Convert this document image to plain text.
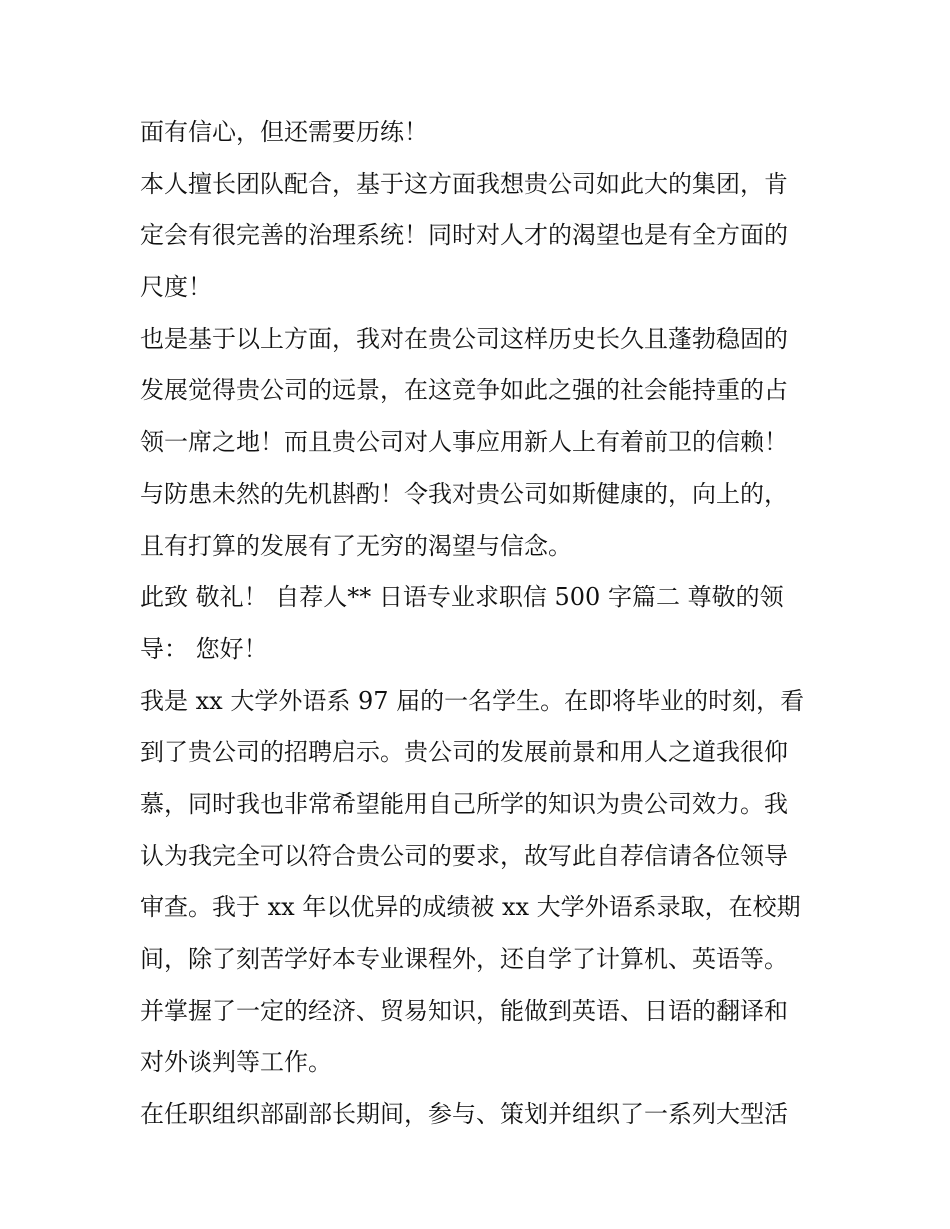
面有信心，但还需要历练！

本人擅长团队配合，基于这方面我想贵公司如此大的集团，肯
定会有很完善的治理系统！同时对人才的渴望也是有全方面的
尺度！

也是基于以上方面，我对在贵公司这样历史长久且蓬勃稳固的
发展觉得贵公司的远景，在这竞争如此之强的社会能持重的占
领一席之地！而且贵公司对人事应用新人上有着前卫的信赖！
与防患未然的先机斟酌！令我对贵公司如斯健康的，向上的，
且有打算的发展有了无穷的渴望与信念。

此致 敬礼！ 自荐人** 日语专业求职信 500 字篇二 尊敬的领
导： 您好！

我是 xx 大学外语系 97 届的一名学生。在即将毕业的时刻，看
到了贵公司的招聘启示。贵公司的发展前景和用人之道我很仰
慕，同时我也非常希望能用自己所学的知识为贵公司效力。我
认为我完全可以符合贵公司的要求，故写此自荐信请各位领导
审查。我于 xx 年以优异的成绩被 xx 大学外语系录取，在校期
间，除了刻苦学好本专业课程外，还自学了计算机、英语等。
并掌握了一定的经济、贸易知识，能做到英语、日语的翻译和
对外谈判等工作。

在任职组织部副部长期间，参与、策划并组织了一系列大型活
